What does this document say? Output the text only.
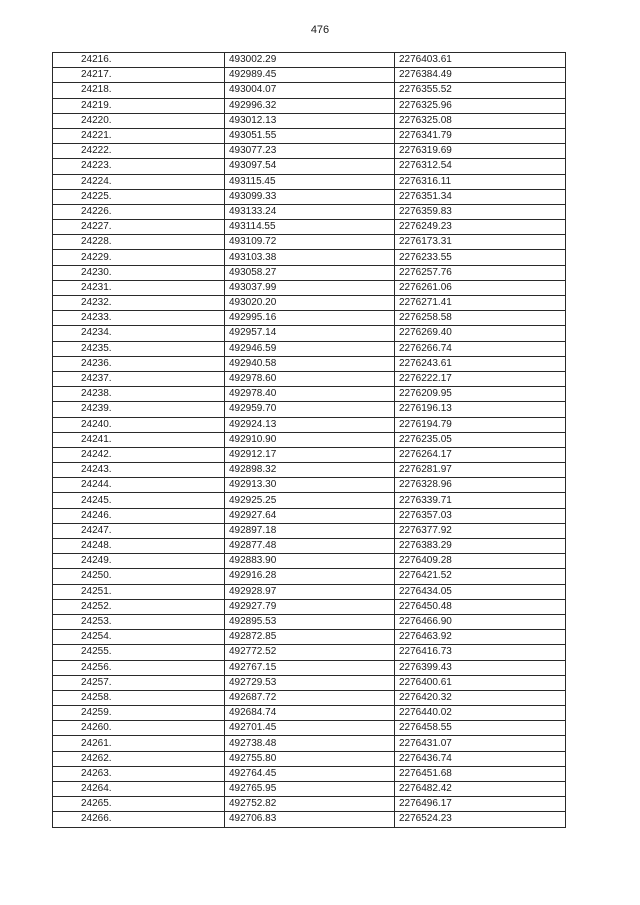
476
24216.	493002.29	2276403.61
24217.	492989.45	2276384.49
24218.	493004.07	2276355.52
24219.	492996.32	2276325.96
24220.	493012.13	2276325.08
24221.	493051.55	2276341.79
24222.	493077.23	2276319.69
24223.	493097.54	2276312.54
24224.	493115.45	2276316.11
24225.	493099.33	2276351.34
24226.	493133.24	2276359.83
24227.	493114.55	2276249.23
24228.	493109.72	2276173.31
24229.	493103.38	2276233.55
24230.	493058.27	2276257.76
24231.	493037.99	2276261.06
24232.	493020.20	2276271.41
24233.	492995.16	2276258.58
24234.	492957.14	2276269.40
24235.	492946.59	2276266.74
24236.	492940.58	2276243.61
24237.	492978.60	2276222.17
24238.	492978.40	2276209.95
24239.	492959.70	2276196.13
24240.	492924.13	2276194.79
24241.	492910.90	2276235.05
24242.	492912.17	2276264.17
24243.	492898.32	2276281.97
24244.	492913.30	2276328.96
24245.	492925.25	2276339.71
24246.	492927.64	2276357.03
24247.	492897.18	2276377.92
24248.	492877.48	2276383.29
24249.	492883.90	2276409.28
24250.	492916.28	2276421.52
24251.	492928.97	2276434.05
24252.	492927.79	2276450.48
24253.	492895.53	2276466.90
24254.	492872.85	2276463.92
24255.	492772.52	2276416.73
24256.	492767.15	2276399.43
24257.	492729.53	2276400.61
24258.	492687.72	2276420.32
24259.	492684.74	2276440.02
24260.	492701.45	2276458.55
24261.	492738.48	2276431.07
24262.	492755.80	2276436.74
24263.	492764.45	2276451.68
24264.	492765.95	2276482.42
24265.	492752.82	2276496.17
24266.	492706.83	2276524.23
